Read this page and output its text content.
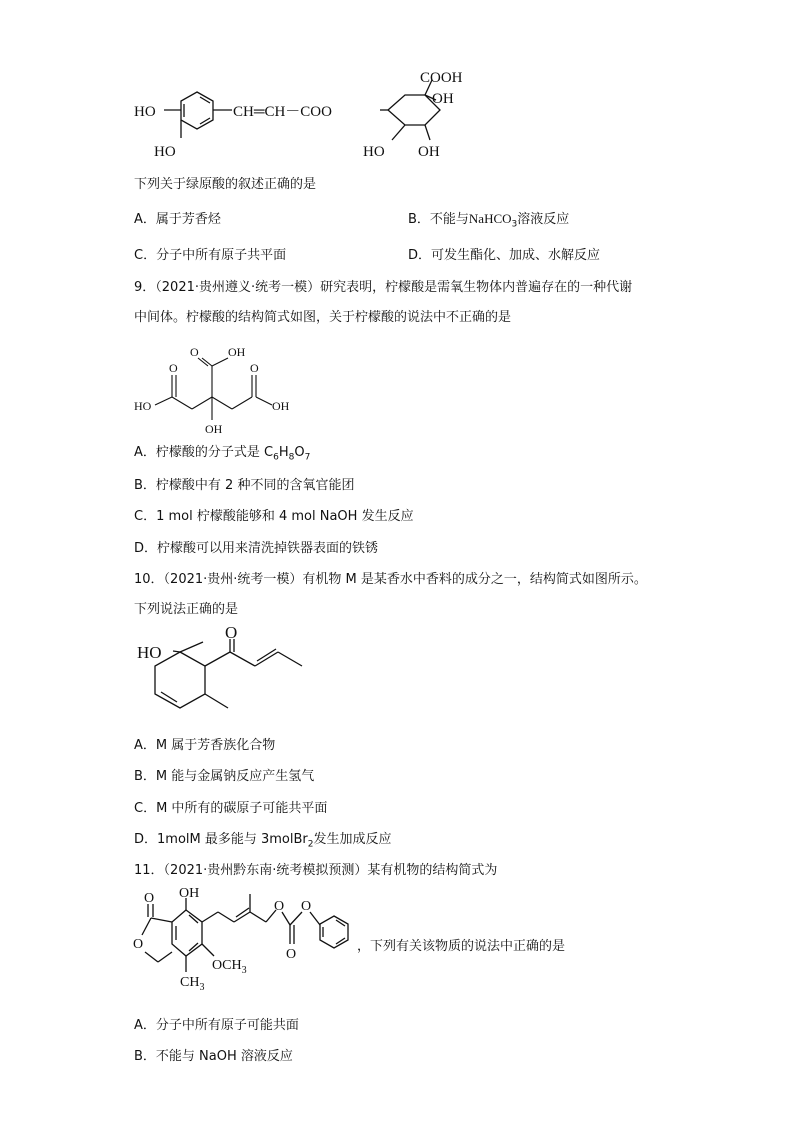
HO
HO
CH═CH－COO
COOH
OH
HO OH
下列关于绿原酸的叙述正确的是
A．属于芳香烃	B．不能与NaHCO$_3$溶液反应
C．分子中所有原子共平面	D．可发生酯化、加成、水解反应
9．（2021·贵州遵义·统考一模）研究表明，柠檬酸是需氧生物体内普遍存在的一种代谢
中间体。柠檬酸的结构简式如图，关于柠檬酸的说法中不正确的是
O OH
O	O
HO	OH
OH
A．柠檬酸的分子式是 $C_6H_8O_7$
B．柠檬酸中有 2 种不同的含氧官能团
C．1 mol 柠檬酸能够和 4 mol NaOH 发生反应
D．柠檬酸可以用来清洗掉铁器表面的铁锈
10．（2021·贵州·统考一模）有机物 M 是某香水中香料的成分之一，结构简式如图所示。
下列说法正确的是
HO
O
A．M 属于芳香族化合物
B．M 能与金属钠反应产生氢气
C．M 中所有的碳原子可能共平面
D．1molM 最多能与 3molBr$_2$发生加成反应
11．（2021·贵州黔东南·统考模拟预测）某有机物的结构简式为
O OH
O
O O
O
$OCH_3$
$CH_3$
，下列有关该物质的说法中正确的是
A．分子中所有原子可能共面
B．不能与 NaOH 溶液反应
